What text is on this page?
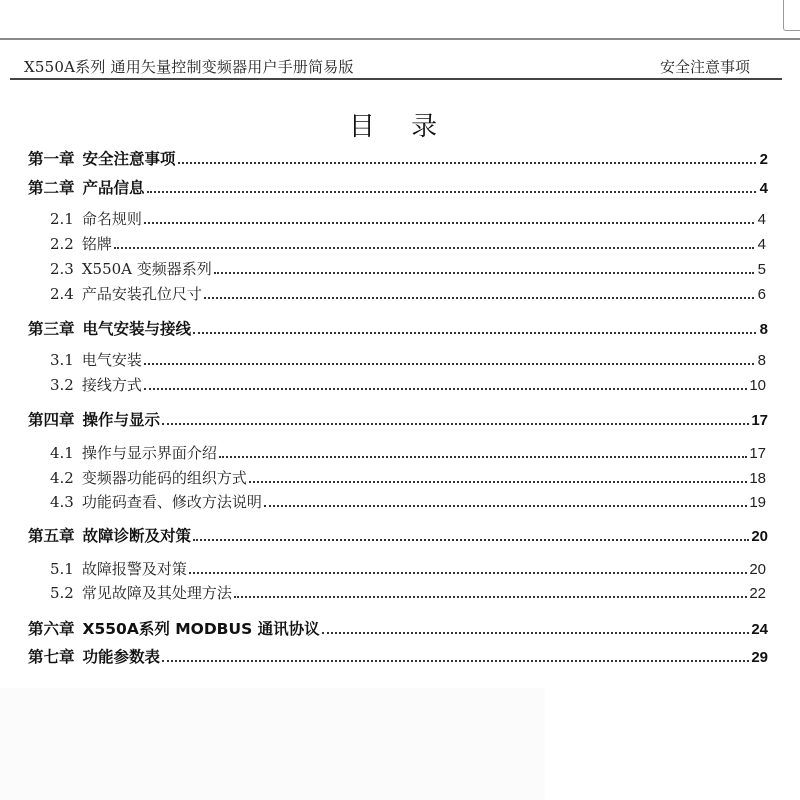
X550A系列 通用矢量控制变频器用户手册简易版	安全注意事项
目 录
第一章 安全注意事项	2
第二章 产品信息	4
2.1 命名规则	4
2.2 铭牌	4
2.3 X550A 变频器系列	5
2.4 产品安装孔位尺寸	6
第三章 电气安装与接线	8
3.1 电气安装	8
3.2 接线方式	10
第四章 操作与显示	17
4.1 操作与显示界面介绍	17
4.2 变频器功能码的组织方式	18
4.3 功能码查看、修改方法说明	19
第五章 故障诊断及对策	20
5.1 故障报警及对策	20
5.2 常见故障及其处理方法	22
第六章 X550A系列 MODBUS 通讯协议	24
第七章 功能参数表	29
